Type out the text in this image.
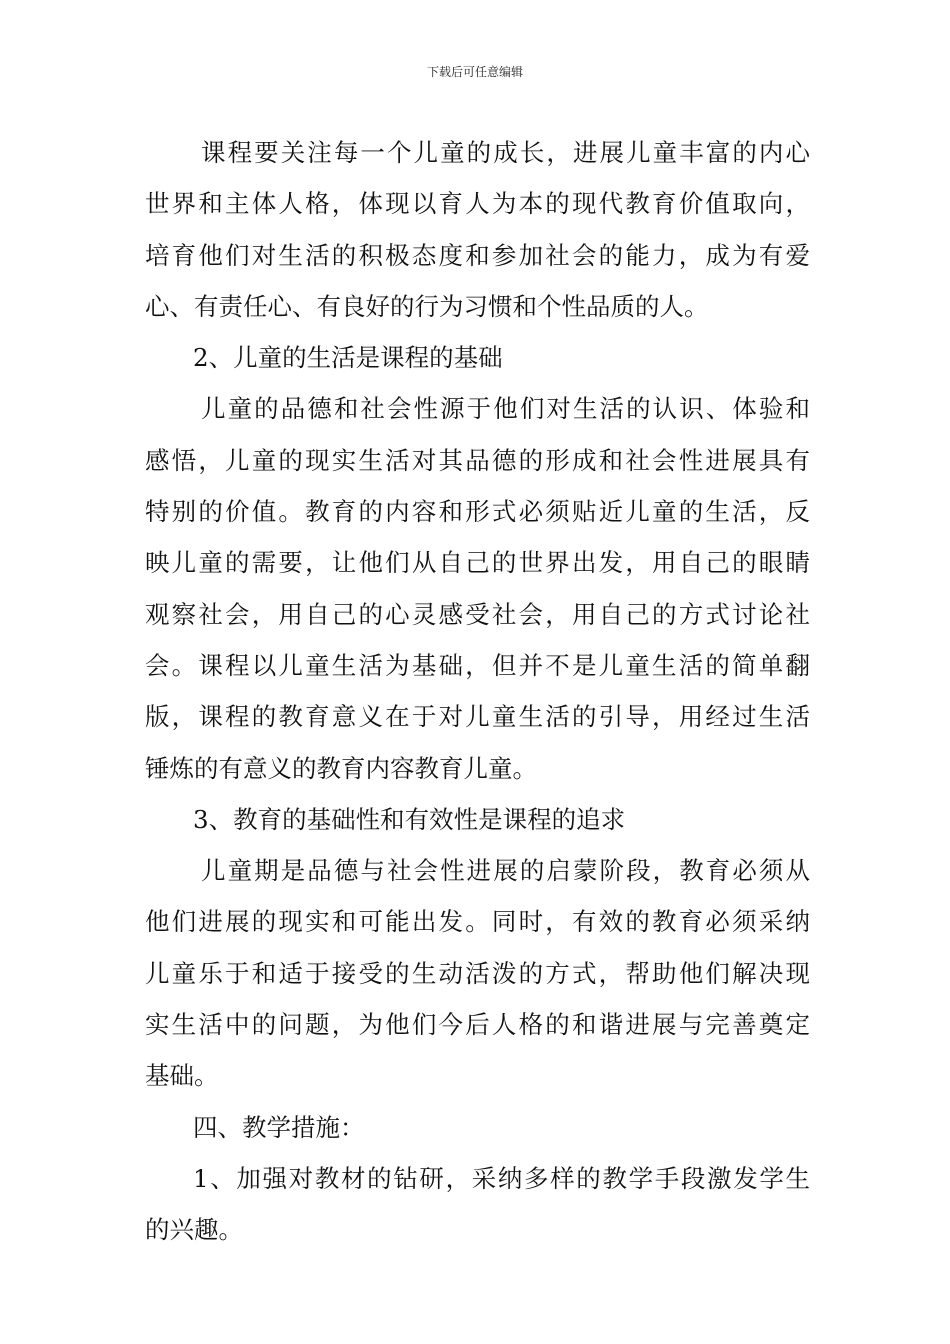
下载后可任意编辑
课程要关注每一个儿童的成长，进展儿童丰富的内心
世界和主体人格，体现以育人为本的现代教育价值取向，
培育他们对生活的积极态度和参加社会的能力，成为有爱
心、有责任心、有良好的行为习惯和个性品质的人。
2、儿童的生活是课程的基础
儿童的品德和社会性源于他们对生活的认识、体验和
感悟，儿童的现实生活对其品德的形成和社会性进展具有
特别的价值。教育的内容和形式必须贴近儿童的生活，反
映儿童的需要，让他们从自己的世界出发，用自己的眼睛
观察社会，用自己的心灵感受社会，用自己的方式讨论社
会。课程以儿童生活为基础，但并不是儿童生活的简单翻
版，课程的教育意义在于对儿童生活的引导，用经过生活
锤炼的有意义的教育内容教育儿童。
3、教育的基础性和有效性是课程的追求
儿童期是品德与社会性进展的启蒙阶段，教育必须从
他们进展的现实和可能出发。同时，有效的教育必须采纳
儿童乐于和适于接受的生动活泼的方式，帮助他们解决现
实生活中的问题，为他们今后人格的和谐进展与完善奠定
基础。
四、教学措施：
1、加强对教材的钻研，采纳多样的教学手段激发学生
的兴趣。
